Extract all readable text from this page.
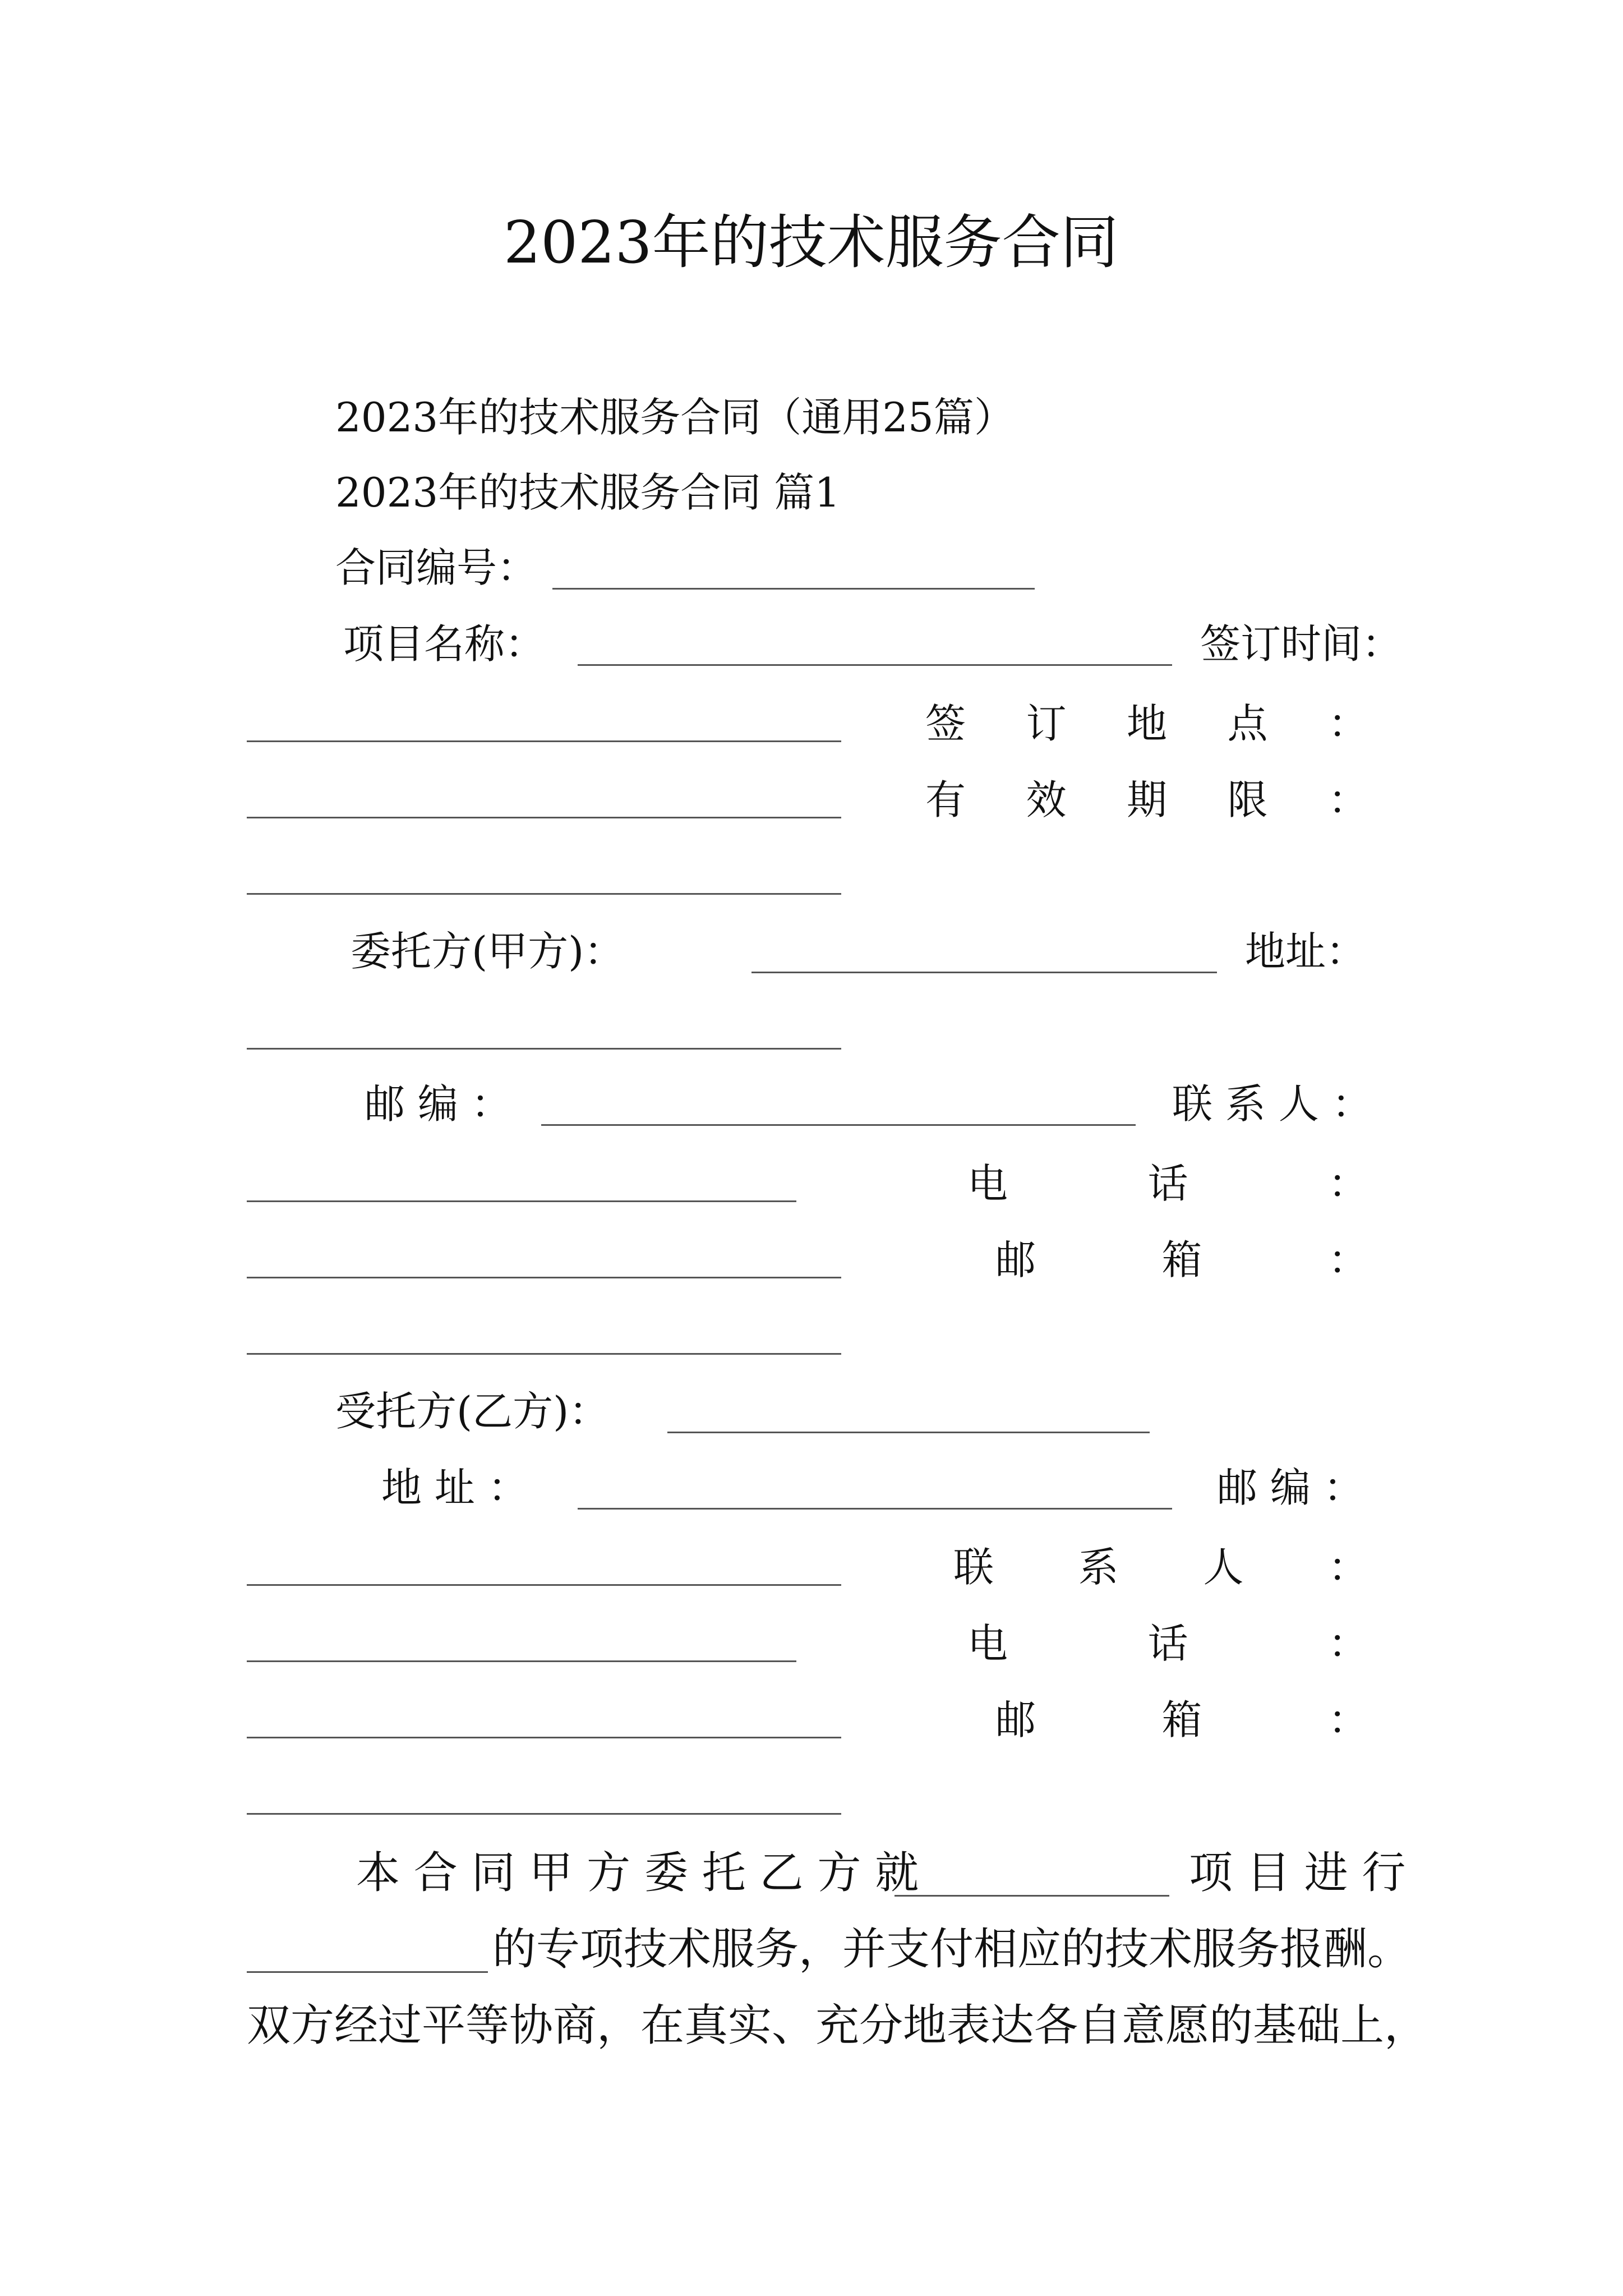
2023年的技术服务合同
2023年的技术服务合同（通用25篇）
2023年的技术服务合同 篇1
合同编号：
项目名称：	签订时间：
签 订 地 点 ：
有 效 期 限 ：
委托方(甲方)：	地址：
邮 编 ：	联 系 人 ：
电	话	：
邮	箱	：
受托方(乙方)：
地 址 ：	邮 编 ：
联 系 人 ：
电	话	：
邮	箱	：
本 合 同 甲 方 委 托 乙 方 就	项 目 进 行
的专项技术服务，并支付相应的技术服务报酬。
双方经过平等协商，在真实、充分地表达各自意愿的基础上，
